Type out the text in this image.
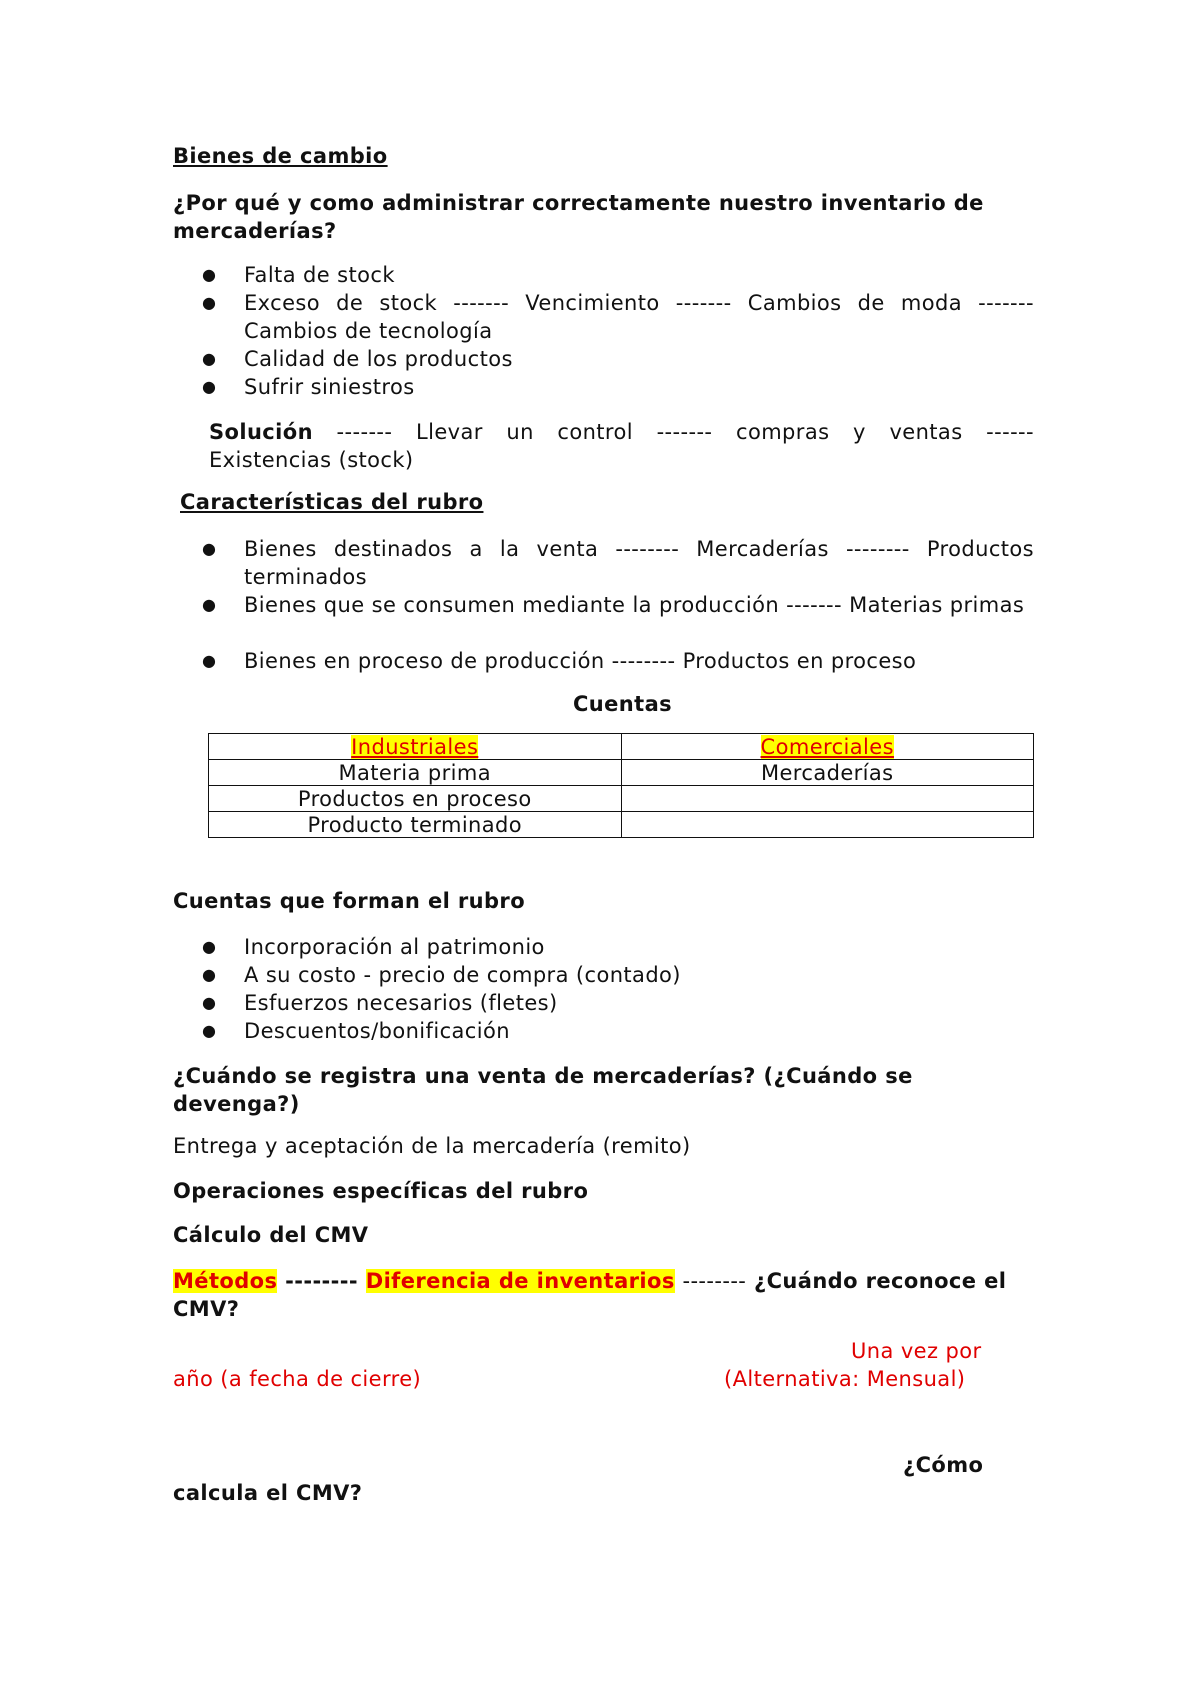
Bienes de cambio
¿Por qué y como administrar correctamente nuestro inventario de mercaderías?
● Falta de stock
● Exceso de stock ------- Vencimiento ------- Cambios de moda ------- Cambios de tecnología
● Calidad de los productos
● Sufrir siniestros
Solución ------- Llevar un control ------- compras y ventas ------
Existencias (stock)
Características del rubro
● Bienes destinados a la venta -------- Mercaderías -------- Productos terminados
● Bienes que se consumen mediante la producción ------- Materias primas
● Bienes en proceso de producción -------- Productos en proceso
Cuentas
Industriales	Comerciales
Materia prima	Mercaderías
Productos en proceso	
Producto terminado	
Cuentas que forman el rubro
● Incorporación al patrimonio
● A su costo - precio de compra (contado)
● Esfuerzos necesarios (fletes)
● Descuentos/bonificación
¿Cuándo se registra una venta de mercaderías? (¿Cuándo se devenga?)
Entrega y aceptación de la mercadería (remito)
Operaciones específicas del rubro
Cálculo del CMV
Métodos -------- Diferencia de inventarios -------- ¿Cuándo reconoce el CMV?
Una vez por
año (a fecha de cierre)	(Alternativa: Mensual)
¿Cómo
calcula el CMV?
